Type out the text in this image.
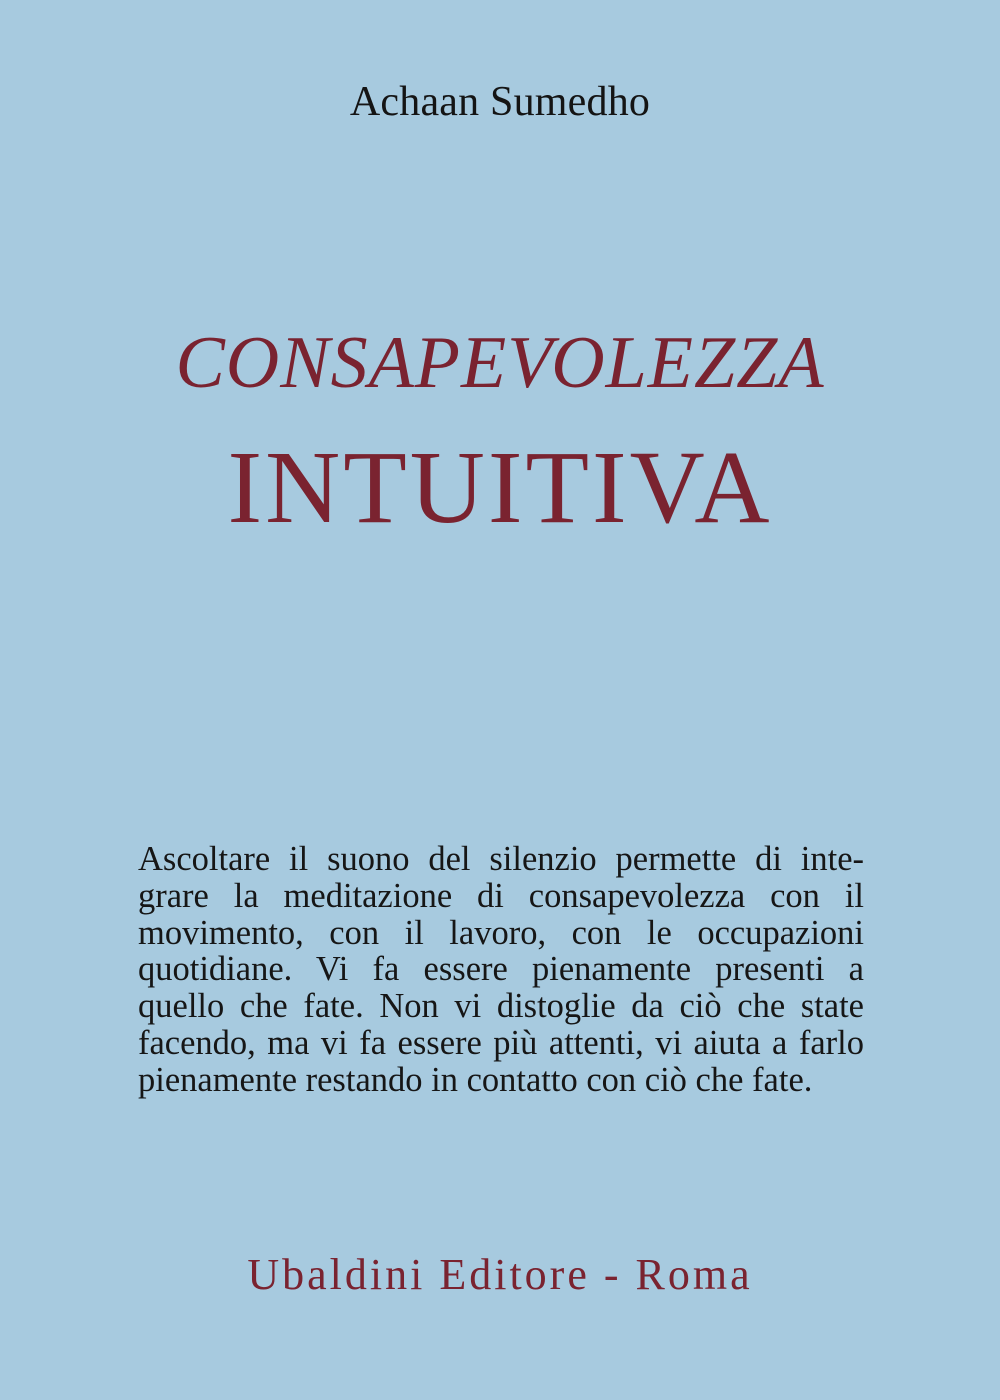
Achaan Sumedho
CONSAPEVOLEZZA
INTUITIVA

Ascoltare il suono del silenzio permette di inte-
grare la meditazione di consapevolezza con il
movimento, con il lavoro, con le occupazioni
quotidiane. Vi fa essere pienamente presenti a
quello che fate. Non vi distoglie da ciò che state
facendo, ma vi fa essere più attenti, vi aiuta a farlo
pienamente restando in contatto con ciò che fate.

Ubaldini Editore - Roma
